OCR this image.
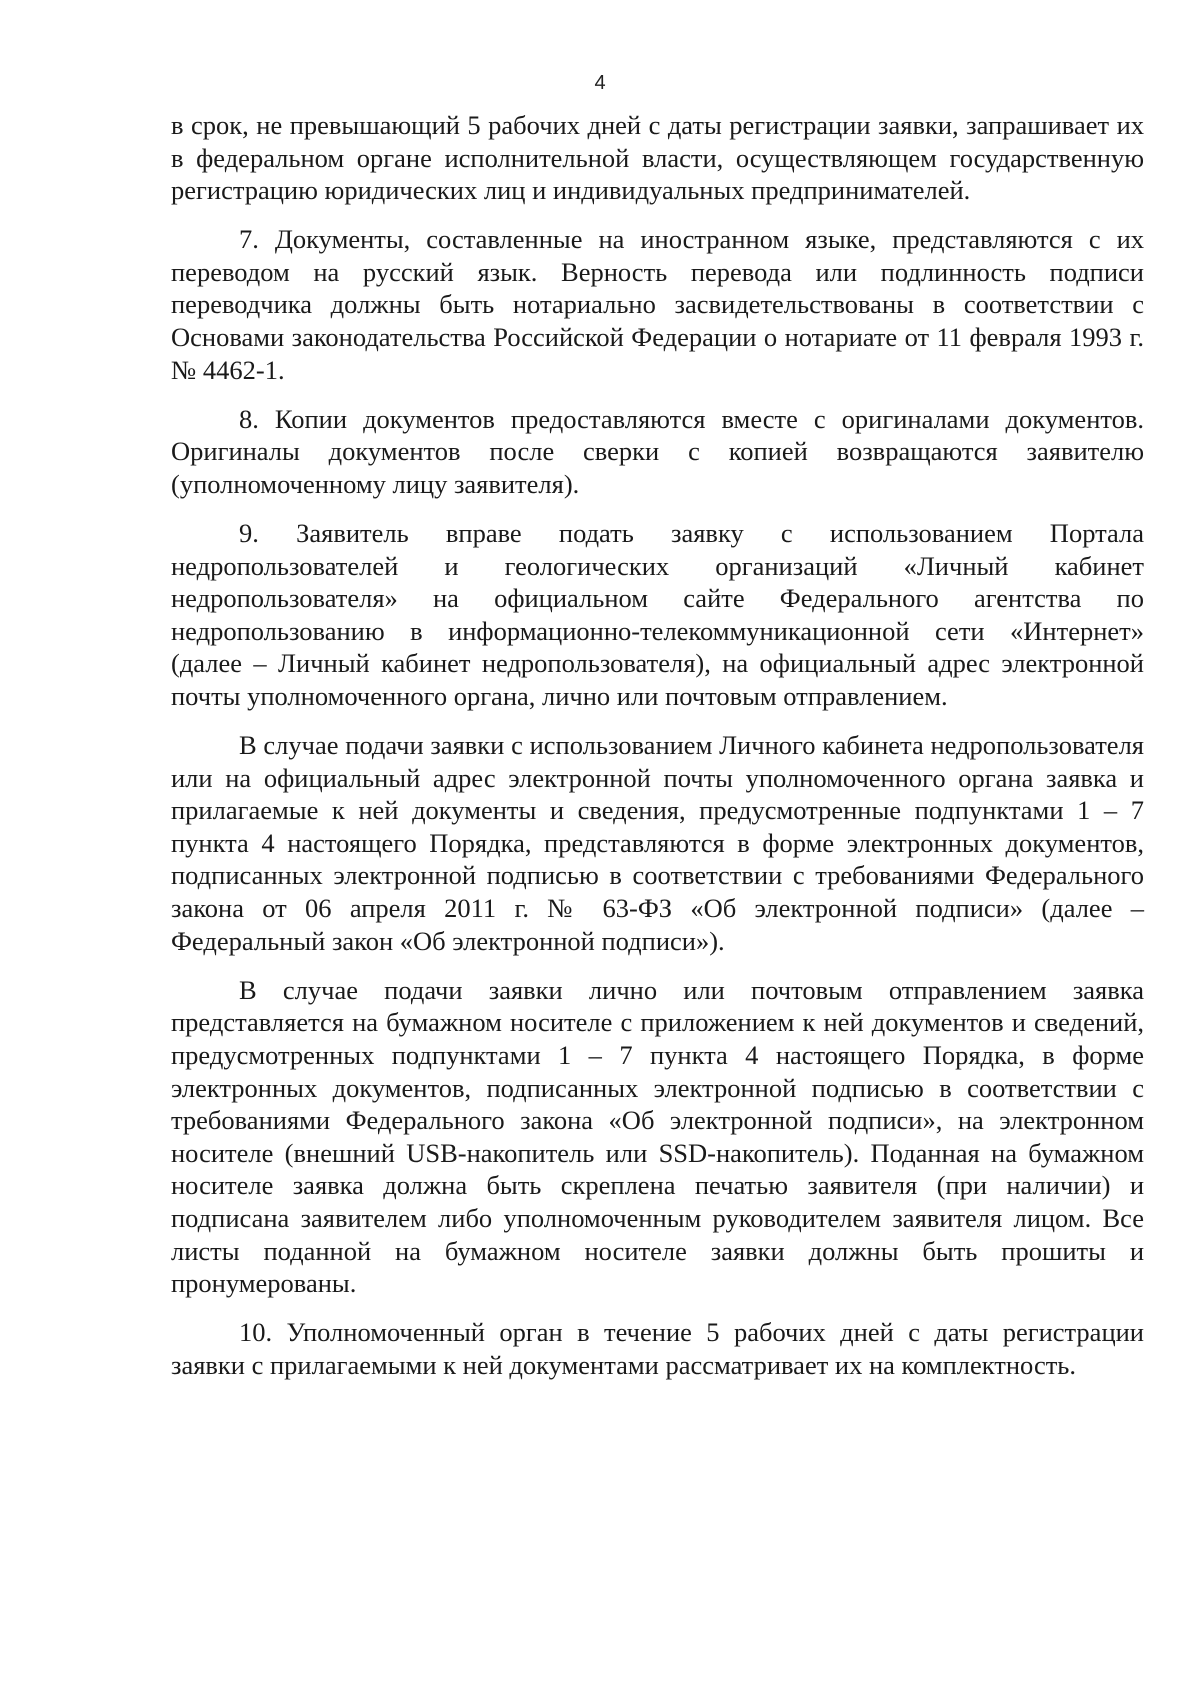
4

в срок, не превышающий 5 рабочих дней с даты регистрации заявки, запрашивает их в федеральном органе исполнительной власти, осуществляющем государственную регистрацию юридических лиц и индивидуальных предпринимателей.

7. Документы, составленные на иностранном языке, представляются с их переводом на русский язык. Верность перевода или подлинность подписи переводчика должны быть нотариально засвидетельствованы в соответствии с Основами законодательства Российской Федерации о нотариате от 11 февраля 1993 г. № 4462-1.

8. Копии документов предоставляются вместе с оригиналами документов. Оригиналы документов после сверки с копией возвращаются заявителю (уполномоченному лицу заявителя).

9. Заявитель вправе подать заявку с использованием Портала недропользователей и геологических организаций «Личный кабинет недропользователя» на официальном сайте Федерального агентства по недропользованию в информационно-телекоммуникационной сети «Интернет» (далее – Личный кабинет недропользователя), на официальный адрес электронной почты уполномоченного органа, лично или почтовым отправлением.

В случае подачи заявки с использованием Личного кабинета недропользователя или на официальный адрес электронной почты уполномоченного органа заявка и прилагаемые к ней документы и сведения, предусмотренные подпунктами 1 – 7 пункта 4 настоящего Порядка, представляются в форме электронных документов, подписанных электронной подписью в соответствии с требованиями Федерального закона от 06 апреля 2011 г. № 63-ФЗ «Об электронной подписи» (далее – Федеральный закон «Об электронной подписи»).

В случае подачи заявки лично или почтовым отправлением заявка представляется на бумажном носителе с приложением к ней документов и сведений, предусмотренных подпунктами 1 – 7 пункта 4 настоящего Порядка, в форме электронных документов, подписанных электронной подписью в соответствии с требованиями Федерального закона «Об электронной подписи», на электронном носителе (внешний USB-накопитель или SSD-накопитель). Поданная на бумажном носителе заявка должна быть скреплена печатью заявителя (при наличии) и подписана заявителем либо уполномоченным руководителем заявителя лицом. Все листы поданной на бумажном носителе заявки должны быть прошиты и пронумерованы.

10. Уполномоченный орган в течение 5 рабочих дней с даты регистрации заявки с прилагаемыми к ней документами рассматривает их на комплектность.
